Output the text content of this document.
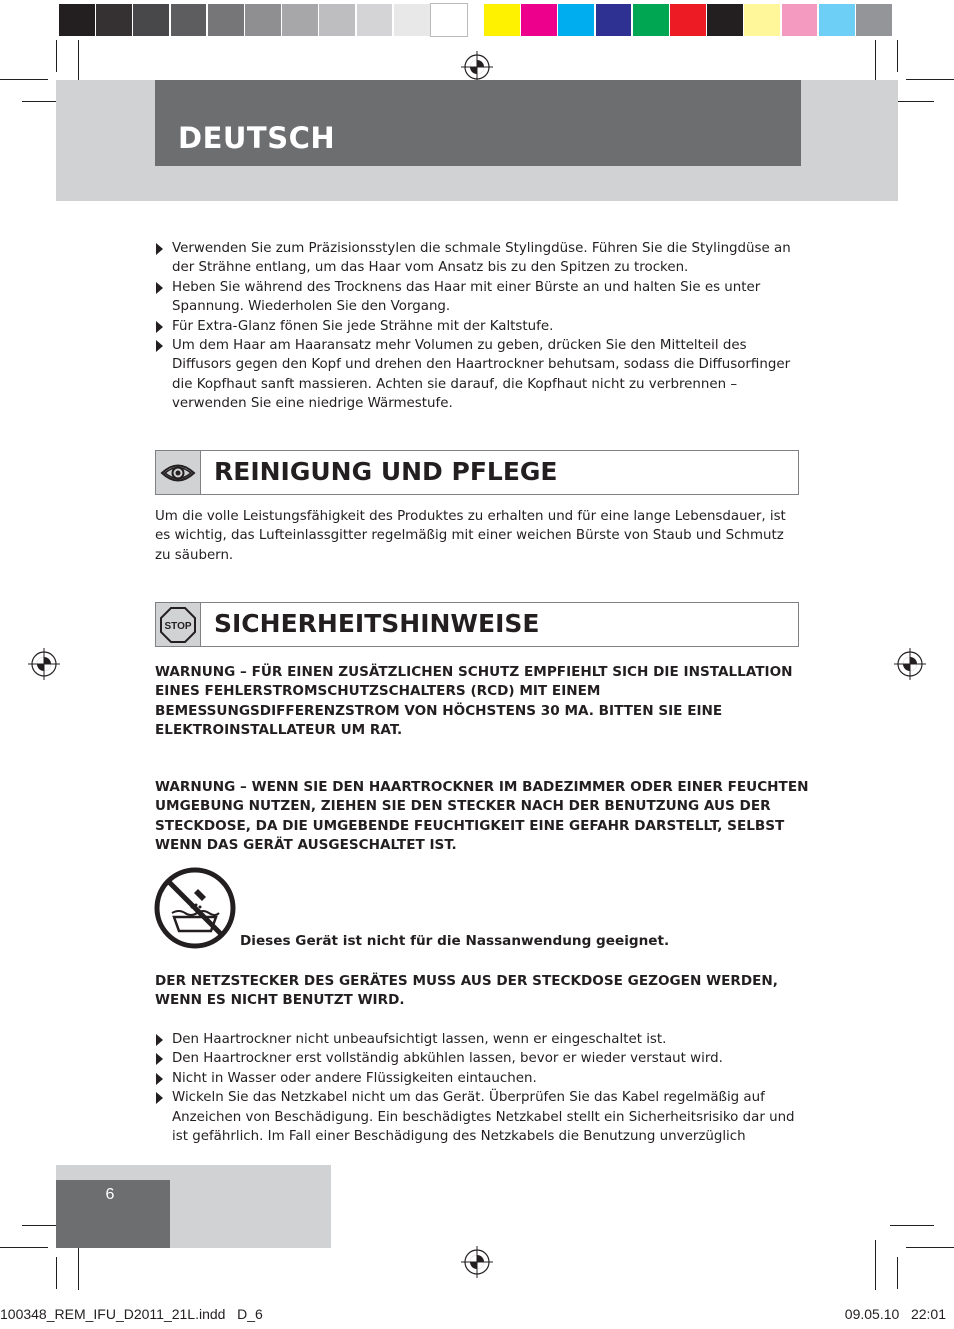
DEUTSCH
Verwenden Sie zum Präzisionsstylen die schmale Stylingdüse. Führen Sie die Stylingdüse an der Strähne entlang, um das Haar vom Ansatz bis zu den Spitzen zu trocken.
Heben Sie während des Trocknens das Haar mit einer Bürste an und halten Sie es unter Spannung. Wiederholen Sie den Vorgang.
Für Extra-Glanz fönen Sie jede Strähne mit der Kaltstufe.
Um dem Haar am Haaransatz mehr Volumen zu geben, drücken Sie den Mittelteil des Diffusors gegen den Kopf und drehen den Haartrockner behutsam, sodass die Diffusorfinger die Kopfhaut sanft massieren. Achten sie darauf, die Kopfhaut nicht zu verbrennen – verwenden Sie eine niedrige Wärmestufe.
REINIGUNG UND PFLEGE
Um die volle Leistungsfähigkeit des Produktes zu erhalten und für eine lange Lebensdauer, ist es wichtig, das Lufteinlassgitter regelmäßig mit einer weichen Bürste von Staub und Schmutz zu säubern.
STOP SICHERHEITSHINWEISE
WARNUNG – FÜR EINEN ZUSÄTZLICHEN SCHUTZ EMPFIEHLT SICH DIE INSTALLATION EINES FEHLERSTROMSCHUTZSCHALTERS (RCD) MIT EINEM BEMESSUNGSDIFFERENZSTROM VON HÖCHSTENS 30 MA. BITTEN SIE EINE ELEKTROINSTALLATEUR UM RAT.
WARNUNG – WENN SIE DEN HAARTROCKNER IM BADEZIMMER ODER EINER FEUCHTEN UMGEBUNG NUTZEN, ZIEHEN SIE DEN STECKER NACH DER BENUTZUNG AUS DER STECKDOSE, DA DIE UMGEBENDE FEUCHTIGKEIT EINE GEFAHR DARSTELLT, SELBST WENN DAS GERÄT AUSGESCHALTET IST.
Dieses Gerät ist nicht für die Nassanwendung geeignet.
DER NETZSTECKER DES GERÄTES MUSS AUS DER STECKDOSE GEZOGEN WERDEN, WENN ES NICHT BENUTZT WIRD.
Den Haartrockner nicht unbeaufsichtigt lassen, wenn er eingeschaltet ist.
Den Haartrockner erst vollständig abkühlen lassen, bevor er wieder verstaut wird.
Nicht in Wasser oder andere Flüssigkeiten eintauchen.
Wickeln Sie das Netzkabel nicht um das Gerät. Überprüfen Sie das Kabel regelmäßig auf Anzeichen von Beschädigung. Ein beschädigtes Netzkabel stellt ein Sicherheitsrisiko dar und ist gefährlich. Im Fall einer Beschädigung des Netzkabels die Benutzung unverzüglich
6
100348_REM_IFU_D2011_21L.indd   D_6	09.05.10   22:01
